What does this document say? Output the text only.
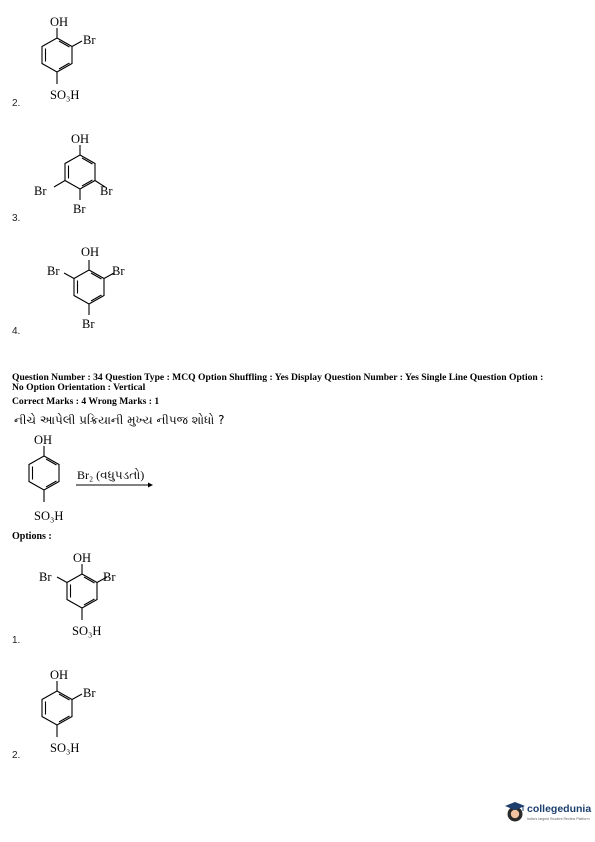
OH
Br
SO₃H
2.
OH
Br	Br
Br
3.
OH
Br	Br
Br
4.
Question Number : 34 Question Type : MCQ Option Shuffling : Yes Display Question Number : Yes Single Line Question Option :
No Option Orientation : Vertical
Correct Marks : 4 Wrong Marks : 1
નીચે આપેલી પ્રક્રિયાની મુખ્ય નીપજ શોધો ?
OH
SO₃H
Br₂ (વધુપડતો)
Options :
OH
Br	Br
SO₃H
1.
OH
Br
SO₃H
2.
collegedunia
India's largest Student Review Platform
